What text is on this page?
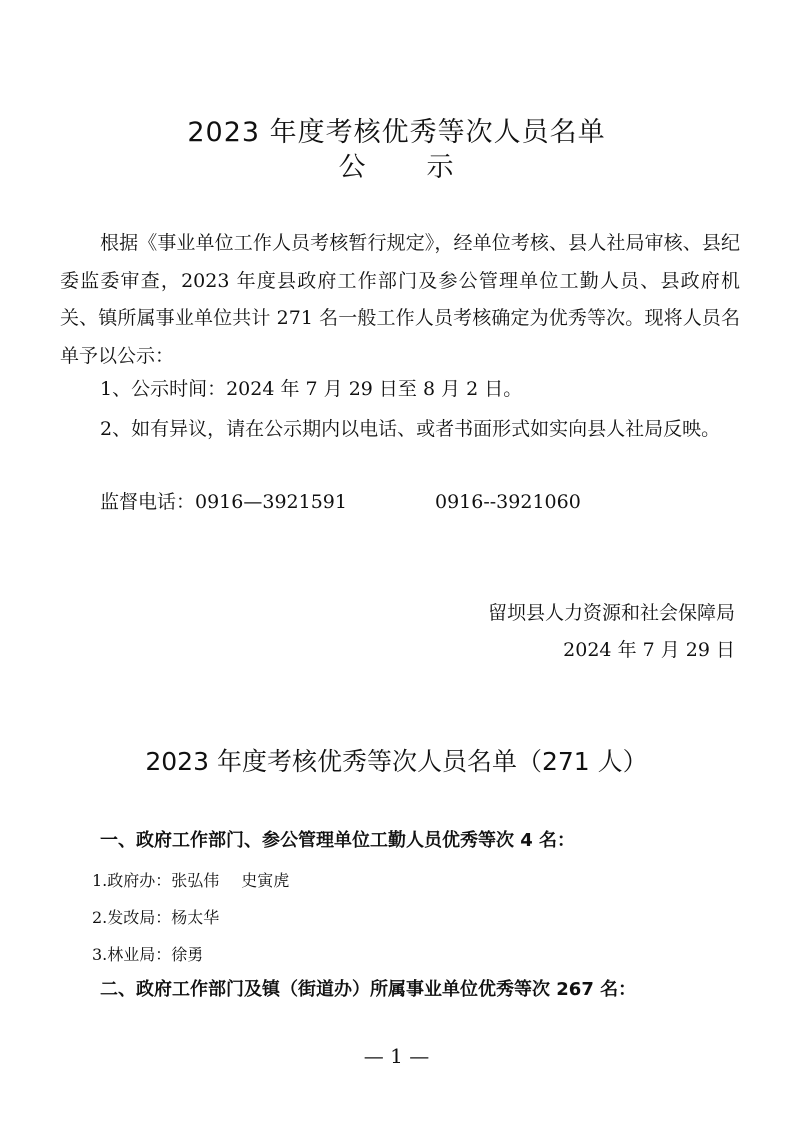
2023 年度考核优秀等次人员名单
公 示
根据《事业单位工作人员考核暂行规定》，经单位考核、县人社局审核、县纪委监委审查，2023 年度县政府工作部门及参公管理单位工勤人员、县政府机关、镇所属事业单位共计 271 名一般工作人员考核确定为优秀等次。现将人员名单予以公示：
1、公示时间：2024 年 7 月 29 日至 8 月 2 日。
2、如有异议，请在公示期内以电话、或者书面形式如实向县人社局反映。
监督电话：0916—3921591	0916--3921060
留坝县人力资源和社会保障局
2024 年 7 月 29 日
2023 年度考核优秀等次人员名单（271 人）
一、政府工作部门、参公管理单位工勤人员优秀等次 4 名：
1.政府办：张弘伟 史寅虎
2.发改局：杨太华
3.林业局：徐勇
二、政府工作部门及镇（街道办）所属事业单位优秀等次 267 名：
— 1 —
